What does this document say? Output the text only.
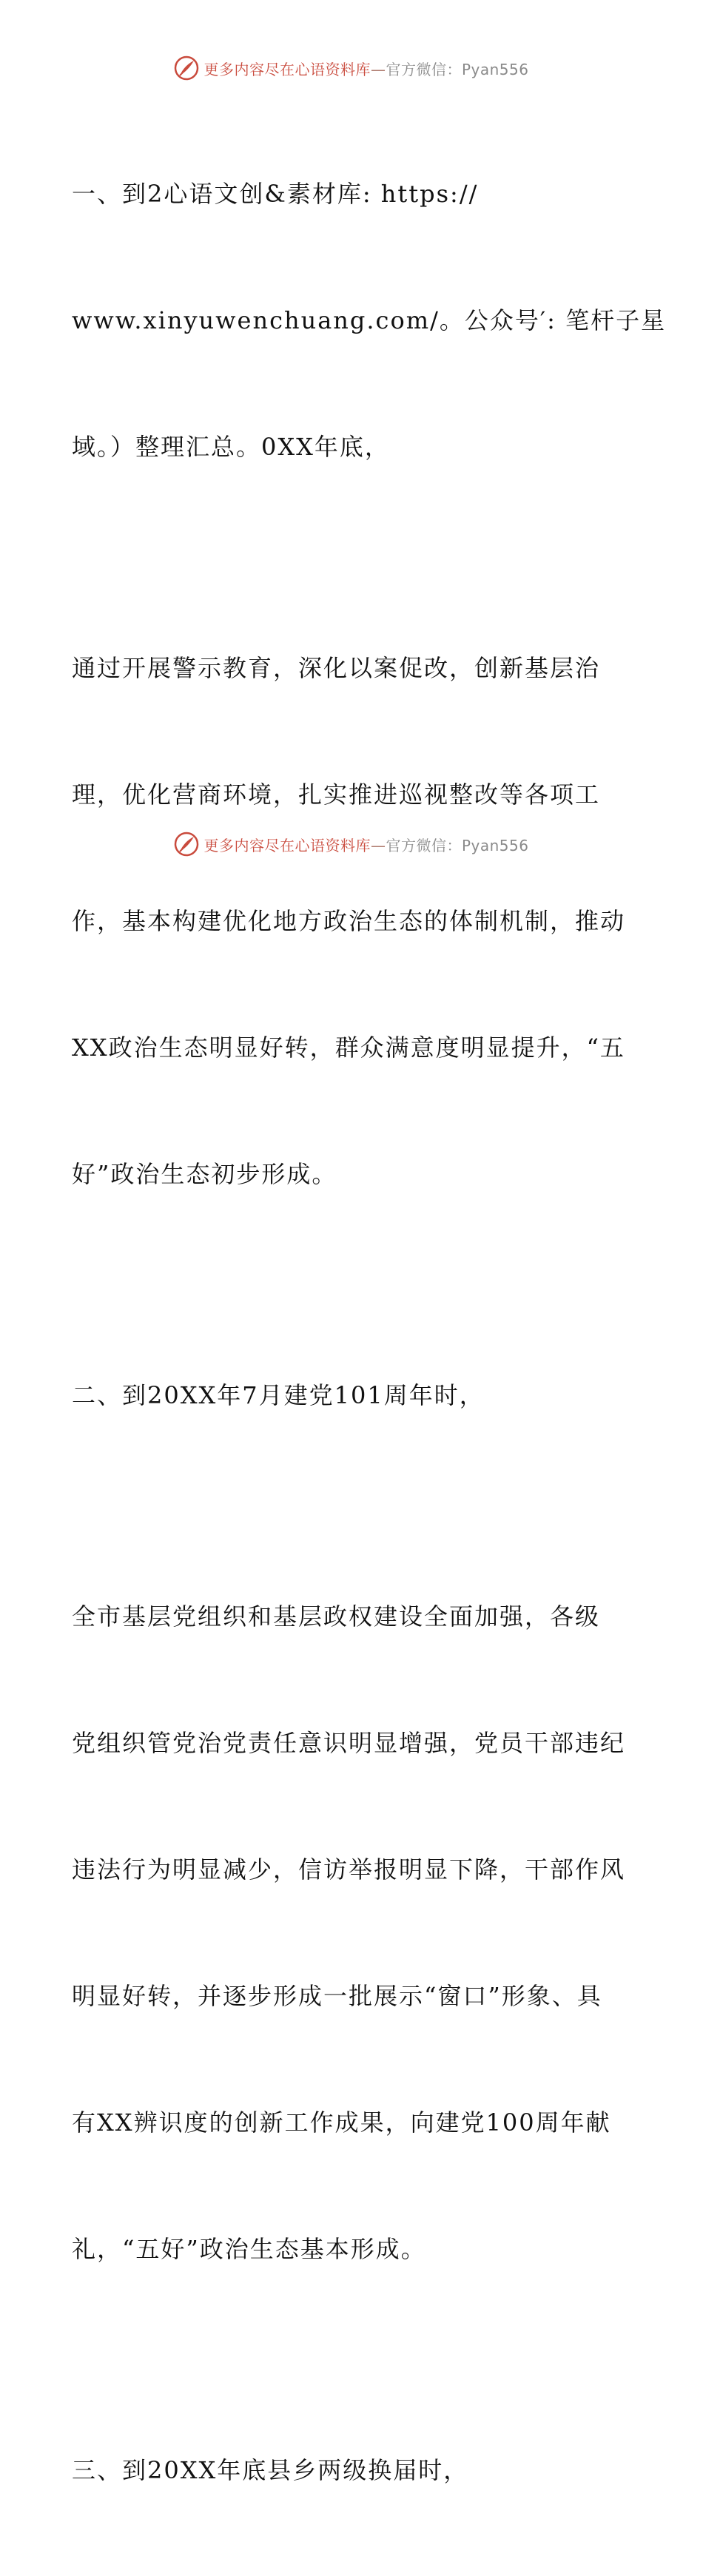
更多内容尽在心语资料库—官方微信：Pyan556

一、到2心语文创&素材库: https://

www.xinyuwenchuang.com/。公众号′: 笔杆子星

域。）整理汇总。0XX年底，

通过开展警示教育，深化以案促改，创新基层治

理，优化营商环境，扎实推进巡视整改等各项工

作，基本构建优化地方政治生态的体制机制，推动

XX政治生态明显好转，群众满意度明显提升，“五

好”政治生态初步形成。

二、到20XX年7月建党101周年时，

全市基层党组织和基层政权建设全面加强，各级

党组织管党治党责任意识明显增强，党员干部违纪

违法行为明显减少，信访举报明显下降，干部作风

明显好转，并逐步形成一批展示“窗口”形象、具

有XX辨识度的创新工作成果，向建党100周年献

礼，“五好”政治生态基本形成。

三、到20XX年底县乡两级换届时，

更多内容尽在心语资料库—官方微信：Pyan556
